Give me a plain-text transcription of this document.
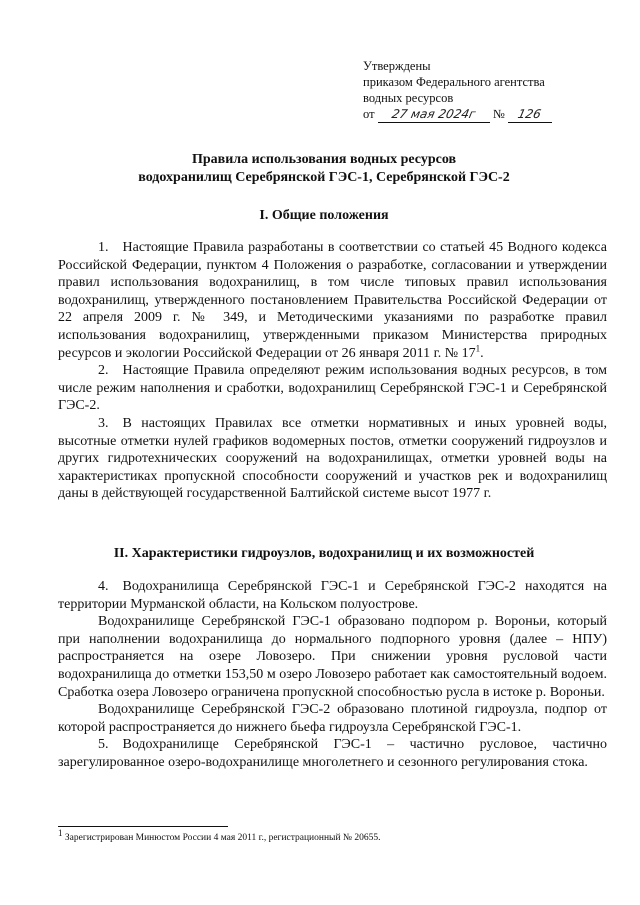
Утверждены
приказом Федерального агентства
водных ресурсов
от 27 мая 2024г № 126
Правила использования водных ресурсов
водохранилищ Серебрянской ГЭС-1, Серебрянской ГЭС-2
I. Общие положения

1. Настоящие Правила разработаны в соответствии со статьей 45 Водного кодекса Российской Федерации, пунктом 4 Положения о разработке, согласовании и утверждении правил использования водохранилищ, в том числе типовых правил использования водохранилищ, утвержденного постановлением Правительства Российской Федерации от 22 апреля 2009 г. № 349, и Методическими указаниями по разработке правил использования водохранилищ, утвержденными приказом Министерства природных ресурсов и экологии Российской Федерации от 26 января 2011 г. № $17^1$.

2. Настоящие Правила определяют режим использования водных ресурсов, в том числе режим наполнения и сработки, водохранилищ Серебрянской ГЭС-1 и Серебрянской ГЭС-2.

3. В настоящих Правилах все отметки нормативных и иных уровней воды, высотные отметки нулей графиков водомерных постов, отметки сооружений гидроузлов и других гидротехнических сооружений на водохранилищах, отметки уровней воды на характеристиках пропускной способности сооружений и участков рек и водохранилищ даны в действующей государственной Балтийской системе высот 1977 г.

II. Характеристики гидроузлов, водохранилищ и их возможностей

4. Водохранилища Серебрянской ГЭС-1 и Серебрянской ГЭС-2 находятся на территории Мурманской области, на Кольском полуострове.

Водохранилище Серебрянской ГЭС-1 образовано подпором р. Вороньи, который при наполнении водохранилища до нормального подпорного уровня (далее – НПУ) распространяется на озере Ловозеро. При снижении уровня русловой части водохранилища до отметки 153,50 м озеро Ловозеро работает как самостоятельный водоем. Сработка озера Ловозеро ограничена пропускной способностью русла в истоке р. Вороньи.

Водохранилище Серебрянской ГЭС-2 образовано плотиной гидроузла, подпор от которой распространяется до нижнего бьефа гидроузла Серебрянской ГЭС-1.

5. Водохранилище Серебрянской ГЭС-1 – частично русловое, частично зарегулированное озеро-водохранилище многолетнего и сезонного регулирования стока.

$^1$ Зарегистрирован Минюстом России 4 мая 2011 г., регистрационный № 20655.
